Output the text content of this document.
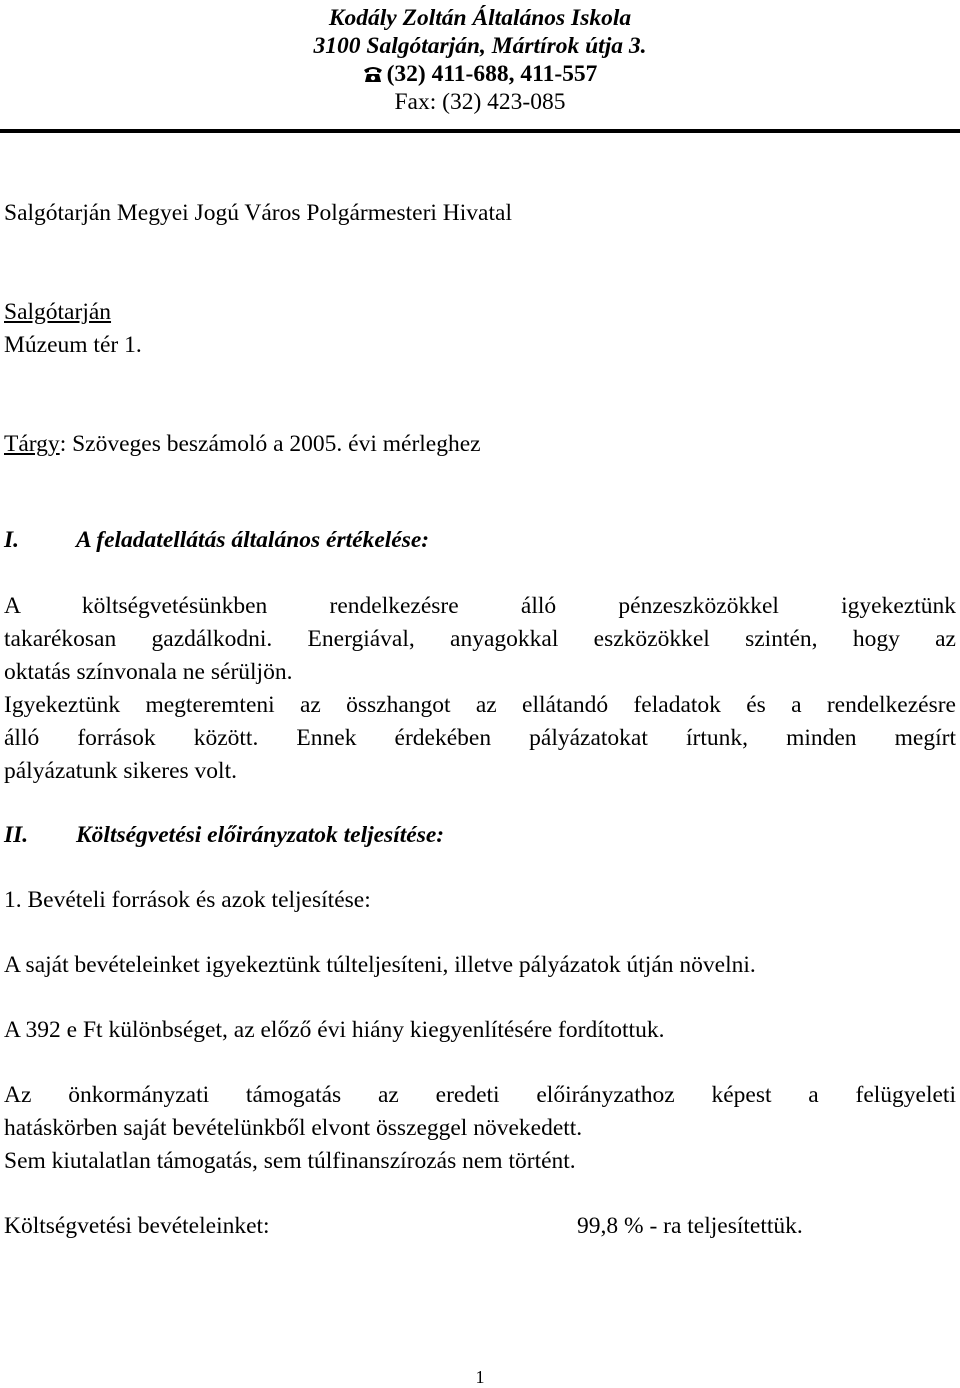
Kodály Zoltán Általános Iskola
3100 Salgótarján, Mártírok útja 3.
(32) 411-688, 411-557
Fax: (32) 423-085
Salgótarján Megyei Jogú Város Polgármesteri Hivatal
Salgótarján
Múzeum tér 1.
Tárgy: Szöveges beszámoló a 2005. évi mérleghez
I. A feladatellátás általános értékelése:
A költségvetésünkben rendelkezésre álló pénzeszközökkel igyekeztünk
takarékosan gazdálkodni. Energiával, anyagokkal eszközökkel szintén, hogy az
oktatás színvonala ne sérüljön.
Igyekeztünk megteremteni az összhangot az ellátandó feladatok és a rendelkezésre
álló források között. Ennek érdekében pályázatokat írtunk, minden megírt
pályázatunk sikeres volt.
II. Költségvetési előirányzatok teljesítése:
1. Bevételi források és azok teljesítése:
A saját bevételeinket igyekeztünk túlteljesíteni, illetve pályázatok útján növelni.
A 392 e Ft különbséget, az előző évi hiány kiegyenlítésére fordítottuk.
Az önkormányzati támogatás az eredeti előirányzathoz képest a felügyeleti
hatáskörben saját bevételünkből elvont összeggel növekedett.
Sem kiutalatlan támogatás, sem túlfinanszírozás nem történt.
Költségvetési bevételeinket:	99,8 % - ra teljesítettük.
1
